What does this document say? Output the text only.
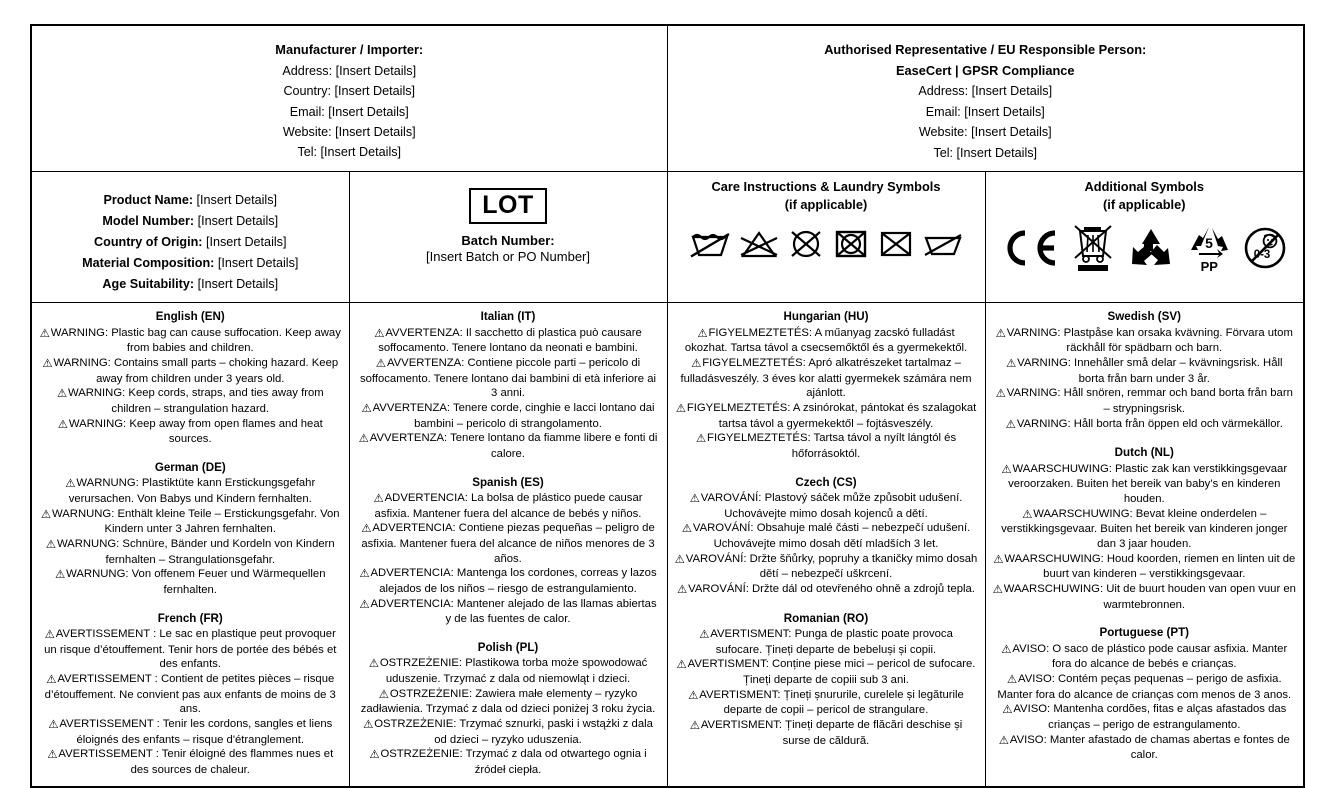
Manufacturer / Importer:
Address: [Insert Details]
Country: [Insert Details]
Email: [Insert Details]
Website: [Insert Details]
Tel: [Insert Details]

Authorised Representative / EU Responsible Person:
EaseCert | GPSR Compliance
Address: [Insert Details]
Email: [Insert Details]
Website: [Insert Details]
Tel: [Insert Details]

Product Name: [Insert Details]
Model Number: [Insert Details]
Country of Origin: [Insert Details]
Material Composition: [Insert Details]
Age Suitability: [Insert Details]

LOT
Batch Number:
[Insert Batch or PO Number]

Care Instructions & Laundry Symbols
(if applicable)

Additional Symbols
(if applicable)
5
PP
0-3

English (EN)

⚠WARNING: Plastic bag can cause suffocation. Keep away from babies and children.

⚠WARNING: Contains small parts – choking hazard. Keep away from children under 3 years old.

⚠WARNING: Keep cords, straps, and ties away from children – strangulation hazard.

⚠WARNING: Keep away from open flames and heat sources.

German (DE)

⚠WARNUNG: Plastiktüte kann Erstickungsgefahr verursachen. Von Babys und Kindern fernhalten.

⚠WARNUNG: Enthält kleine Teile – Erstickungsgefahr. Von Kindern unter 3 Jahren fernhalten.

⚠WARNUNG: Schnüre, Bänder und Kordeln von Kindern fernhalten – Strangulationsgefahr.

⚠WARNUNG: Von offenem Feuer und Wärmequellen fernhalten.

French (FR)

⚠AVERTISSEMENT : Le sac en plastique peut provoquer un risque d’étouffement. Tenir hors de portée des bébés et des enfants.

⚠AVERTISSEMENT : Contient de petites pièces – risque d’étouffement. Ne convient pas aux enfants de moins de 3 ans.

⚠AVERTISSEMENT : Tenir les cordons, sangles et liens éloignés des enfants – risque d'étranglement.

⚠AVERTISSEMENT : Tenir éloigné des flammes nues et des sources de chaleur.

Italian (IT)

⚠AVVERTENZA: Il sacchetto di plastica può causare soffocamento. Tenere lontano da neonati e bambini.

⚠AVVERTENZA: Contiene piccole parti – pericolo di soffocamento. Tenere lontano dai bambini di età inferiore ai 3 anni.

⚠AVVERTENZA: Tenere corde, cinghie e lacci lontano dai bambini – pericolo di strangolamento.

⚠AVVERTENZA: Tenere lontano da fiamme libere e fonti di calore.

Spanish (ES)

⚠ADVERTENCIA: La bolsa de plástico puede causar asfixia. Mantener fuera del alcance de bebés y niños.

⚠ADVERTENCIA: Contiene piezas pequeñas – peligro de asfixia. Mantener fuera del alcance de niños menores de 3 años.

⚠ADVERTENCIA: Mantenga los cordones, correas y lazos alejados de los niños – riesgo de estrangulamiento.

⚠ADVERTENCIA: Mantener alejado de las llamas abiertas y de las fuentes de calor.

Polish (PL)

⚠OSTRZEŻENIE: Plastikowa torba może spowodować uduszenie. Trzymać z dala od niemowląt i dzieci.

⚠OSTRZEŻENIE: Zawiera małe elementy – ryzyko zadławienia. Trzymać z dala od dzieci poniżej 3 roku życia.

⚠OSTRZEŻENIE: Trzymać sznurki, paski i wstążki z dala od dzieci – ryzyko uduszenia.

⚠OSTRZEŻENIE: Trzymać z dala od otwartego ognia i źródeł ciepła.

Hungarian (HU)

⚠FIGYELMEZTETÉS: A műanyag zacskó fulladást okozhat. Tartsa távol a csecsemőktől és a gyermekektől.

⚠FIGYELMEZTETÉS: Apró alkatrészeket tartalmaz – fulladásveszély. 3 éves kor alatti gyermekek számára nem ajánlott.

⚠FIGYELMEZTETÉS: A zsinórokat, pántokat és szalagokat tartsa távol a gyermekektől – fojtásveszély.

⚠FIGYELMEZTETÉS: Tartsa távol a nyílt lángtól és hőforrásoktól.

Czech (CS)

⚠VAROVÁNÍ: Plastový sáček může způsobit udušení. Uchovávejte mimo dosah kojenců a dětí.

⚠VAROVÁNÍ: Obsahuje malé části – nebezpečí udušení. Uchovávejte mimo dosah dětí mladších 3 let.

⚠VAROVÁNÍ: Držte šňůrky, popruhy a tkaničky mimo dosah dětí – nebezpečí uškrcení.

⚠VAROVÁNÍ: Držte dál od otevřeného ohně a zdrojů tepla.

Romanian (RO)

⚠AVERTISMENT: Punga de plastic poate provoca sufocare. Țineți departe de bebeluși și copii.

⚠AVERTISMENT: Conține piese mici – pericol de sufocare. Țineți departe de copiii sub 3 ani.

⚠AVERTISMENT: Țineți șnururile, curelele și legăturile departe de copii – pericol de strangulare.

⚠AVERTISMENT: Țineți departe de flăcări deschise și surse de căldură.

Swedish (SV)

⚠VARNING: Plastpåse kan orsaka kvävning. Förvara utom räckhåll för spädbarn och barn.

⚠VARNING: Innehåller små delar – kvävningsrisk. Håll borta från barn under 3 år.

⚠VARNING: Håll snören, remmar och band borta från barn – strypningsrisk.

⚠VARNING: Håll borta från öppen eld och värmekällor.

Dutch (NL)

⚠WAARSCHUWING: Plastic zak kan verstikkingsgevaar veroorzaken. Buiten het bereik van baby’s en kinderen houden.

⚠WAARSCHUWING: Bevat kleine onderdelen – verstikkingsgevaar. Buiten het bereik van kinderen jonger dan 3 jaar houden.

⚠WAARSCHUWING: Houd koorden, riemen en linten uit de buurt van kinderen – verstikkingsgevaar.

⚠WAARSCHUWING: Uit de buurt houden van open vuur en warmtebronnen.

Portuguese (PT)

⚠AVISO: O saco de plástico pode causar asfixia. Manter fora do alcance de bebés e crianças.

⚠AVISO: Contém peças pequenas – perigo de asfixia. Manter fora do alcance de crianças com menos de 3 anos.

⚠AVISO: Mantenha cordões, fitas e alças afastados das crianças – perigo de estrangulamento.

⚠AVISO: Manter afastado de chamas abertas e fontes de calor.
